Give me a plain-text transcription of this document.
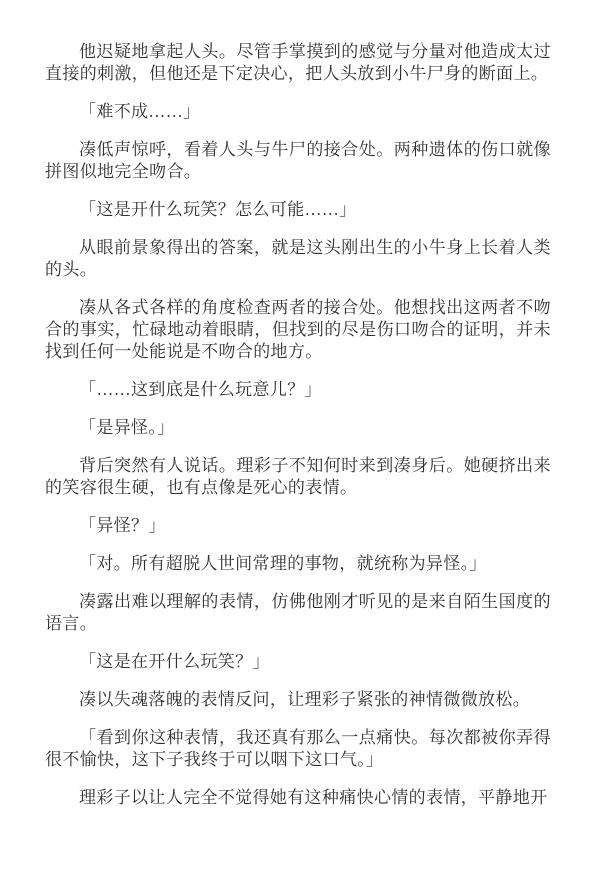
他迟疑地拿起人头。尽管手掌摸到的感觉与分量对他造成太过直接的刺激，但他还是下定决心，把人头放到小牛尸身的断面上。

「难不成……」

凑低声惊呼，看着人头与牛尸的接合处。两种遗体的伤口就像拼图似地完全吻合。

「这是开什么玩笑？怎么可能……」

从眼前景象得出的答案，就是这头刚出生的小牛身上长着人类的头。

凑从各式各样的角度检查两者的接合处。他想找出这两者不吻合的事实，忙碌地动着眼睛，但找到的尽是伤口吻合的证明，并未找到任何一处能说是不吻合的地方。

「……这到底是什么玩意儿？」

「是异怪。」

背后突然有人说话。理彩子不知何时来到凑身后。她硬挤出来的笑容很生硬，也有点像是死心的表情。

「异怪？」

「对。所有超脱人世间常理的事物，就统称为异怪。」

凑露出难以理解的表情，仿佛他刚才听见的是来自陌生国度的语言。

「这是在开什么玩笑？」

凑以失魂落魄的表情反问，让理彩子紧张的神情微微放松。

「看到你这种表情，我还真有那么一点痛快。每次都被你弄得很不愉快，这下子我终于可以咽下这口气。」

理彩子以让人完全不觉得她有这种痛快心情的表情，平静地开
